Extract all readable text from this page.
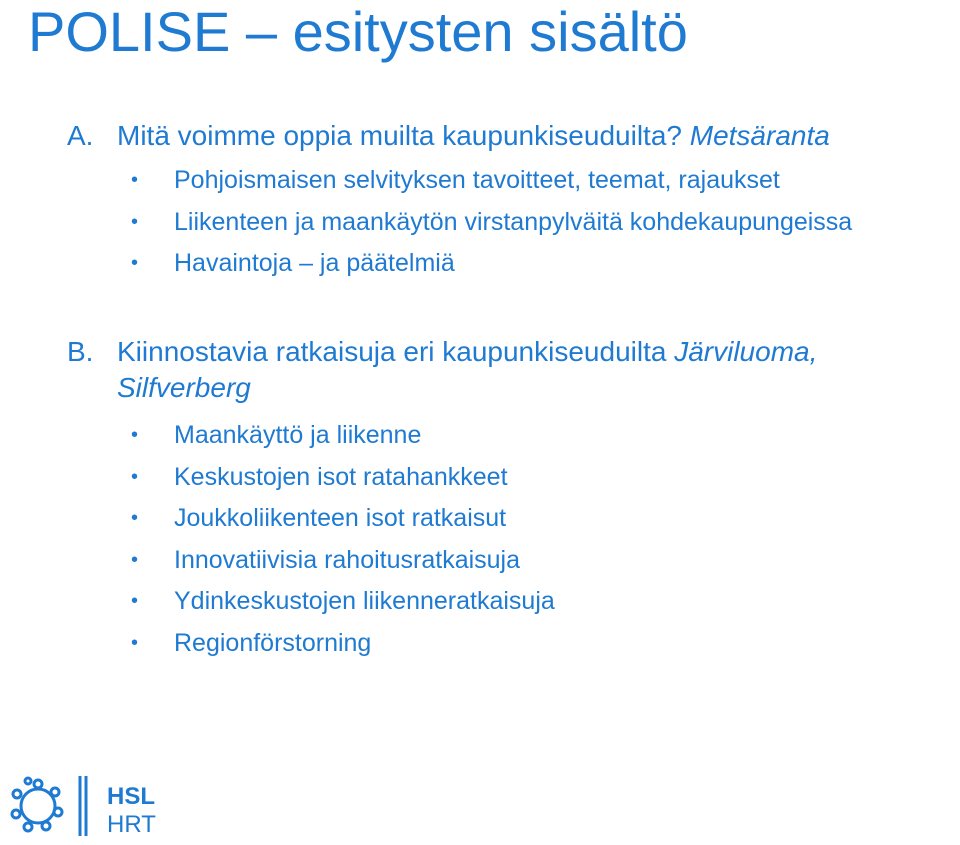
POLISE – esitysten sisältö
A. Mitä voimme oppia muilta kaupunkiseuduilta? Metsäranta
• Pohjoismaisen selvityksen tavoitteet, teemat, rajaukset
• Liikenteen ja maankäytön virstanpylväitä kohdekaupungeissa
• Havaintoja – ja päätelmiä
B. Kiinnostavia ratkaisuja eri kaupunkiseuduilta Järviluoma,
Silfverberg
• Maankäyttö ja liikenne
• Keskustojen isot ratahankkeet
• Joukkoliikenteen isot ratkaisut
• Innovatiivisia rahoitusratkaisuja
• Ydinkeskustojen liikenneratkaisuja
• Regionförstorning
HSL
HRT
